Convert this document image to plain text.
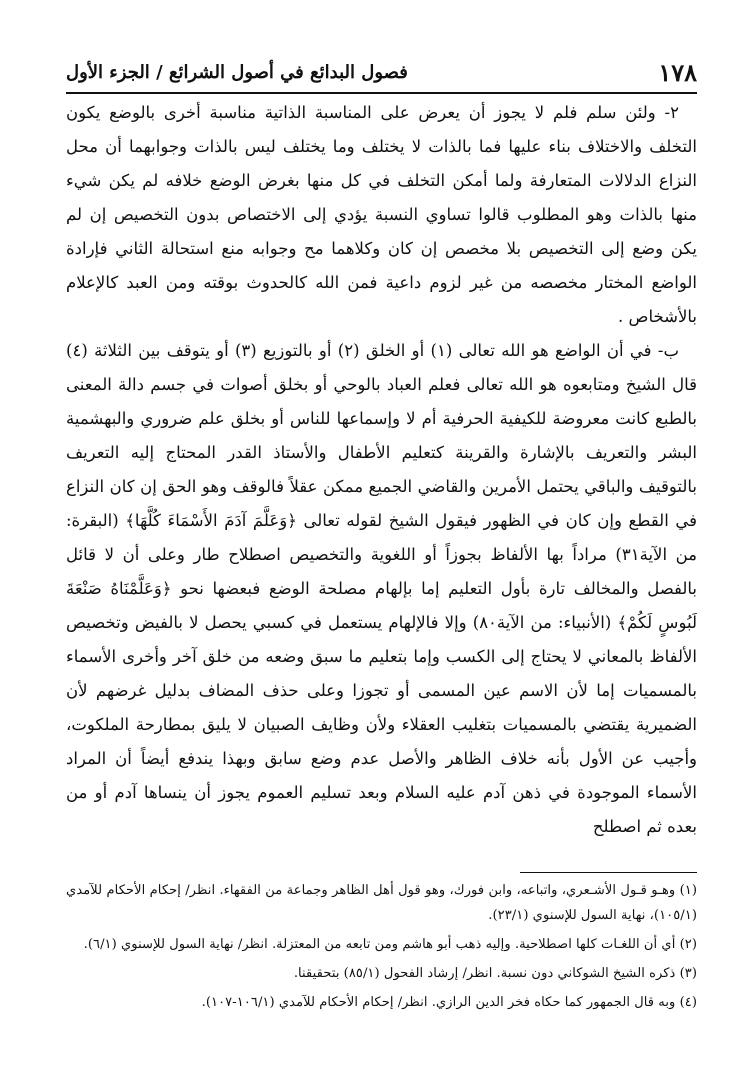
١٧٨
فصول البدائع في أصول الشرائع / الجزء الأول

٢- ولئن سلم فلم لا يجوز أن يعرض على المناسبة الذاتية مناسبة أخرى بالوضع يكون التخلف والاختلاف بناء عليها فما بالذات لا يختلف وما يختلف ليس بالذات وجوابهما أن محل النزاع الدلالات المتعارفة ولما أمكن التخلف في كل منها بغرض الوضع خلافه لم يكن شيء منها بالذات وهو المطلوب قالوا تساوي النسبة يؤدي إلى الاختصاص بدون التخصيص إن لم يكن وضع إلى التخصيص بلا مخصص إن كان وكلاهما مح وجوابه منع استحالة الثاني فإرادة الواضع المختار مخصصه من غير لزوم داعية فمن الله كالحدوث بوقته ومن العبد كالإعلام بالأشخاص .

ب- في أن الواضع هو الله تعالى (١) أو الخلق (٢) أو بالتوزيع (٣) أو يتوقف بين الثلاثة (٤) قال الشيخ ومتابعوه هو الله تعالى فعلم العباد بالوحي أو بخلق أصوات في جسم دالة المعنى بالطبع كانت معروضة للكيفية الحرفية أم لا وإسماعها للناس أو بخلق علم ضروري والبهشمية البشر والتعريف بالإشارة والقرينة كتعليم الأطفال والأستاذ القدر المحتاج إليه التعريف بالتوقيف والباقي يحتمل الأمرين والقاضي الجميع ممكن عقلاً فالوقف وهو الحق إن كان النزاع في القطع وإن كان في الظهور فيقول الشيخ لقوله تعالى ﴿وَعَلَّمَ آدَمَ الأَسْمَاءَ كُلَّهَا﴾ (البقرة: من الآية٣١) مراداً بها الألفاظ بجوزاً أو اللغوية والتخصيص اصطلاح طار وعلى أن لا قائل بالفصل والمخالف تارة بأول التعليم إما بإلهام مصلحة الوضع فبعضها نحو ﴿وَعَلَّمْنَاهُ صَنْعَةَ لَبُوسٍ لَكُمْ﴾ (الأنبياء: من الآية٨٠) وإلا فالإلهام يستعمل في كسبي يحصل لا بالفيض وتخصيص الألفاظ بالمعاني لا يحتاج إلى الكسب وإما بتعليم ما سبق وضعه من خلق آخر وأخرى الأسماء بالمسميات إما لأن الاسم عين المسمى أو تجوزا وعلى حذف المضاف بدليل غرضهم لأن الضميرية يقتضي بالمسميات بتغليب العقلاء ولأن وظايف الصبيان لا يليق بمطارحة الملكوت، وأجيب عن الأول بأنه خلاف الظاهر والأصل عدم وضع سابق وبهذا يندفع أيضاً أن المراد الأسماء الموجودة في ذهن آدم عليه السلام وبعد تسليم العموم يجوز أن ينساها آدم أو من بعده ثم اصطلح

(١) وهـو قـول الأشـعري، واتباعه، وابن فورك، وهو قول أهل الظاهر وجماعة من الفقهاء. انظر/ إحكام الأحكام للآمدي (١٠٥/١)، نهاية السول للإسنوي (٢٣/١).

(٢) أي أن اللغـات كلها اصطلاحية. وإليه ذهب أبو هاشم ومن تابعه من المعتزلة. انظر/ نهاية السول للإسنوي (٦/١).

(٣) ذكره الشيخ الشوكاني دون نسبة. انظر/ إرشاد الفحول (٨٥/١) بتحقيقنا.

(٤) وبه قال الجمهور كما حكاه فخر الدين الرازي. انظر/ إحكام الأحكام للآمدي (١٠٦/١-١٠٧).
